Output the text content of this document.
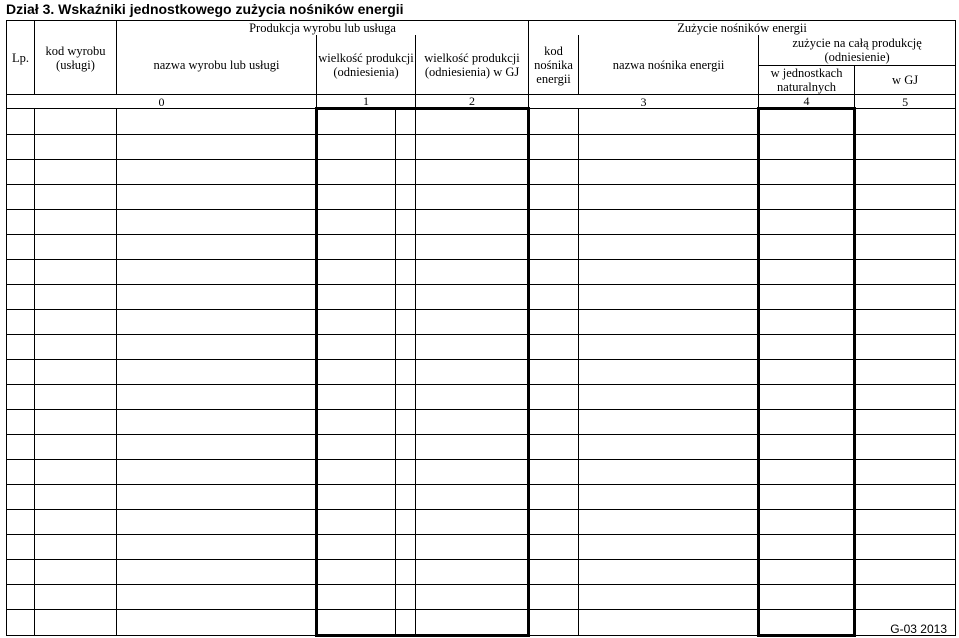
Dział 3. Wskaźniki jednostkowego zużycia nośników energii
Lp.	kod wyrobu (usługi)	Produkcja wyrobu lub usługa				Zużycie nośników energii			
		nazwa wyrobu lub usługi	wielkość produkcji (odniesienia)		wielkość produkcji (odniesienia) w GJ	kod nośnika energii	nazwa nośnika energii	zużycie na całą produkcję (odniesienie)	
								w jednostkach naturalnych	w GJ
0			1		2	3		4	5

G-03 2013
